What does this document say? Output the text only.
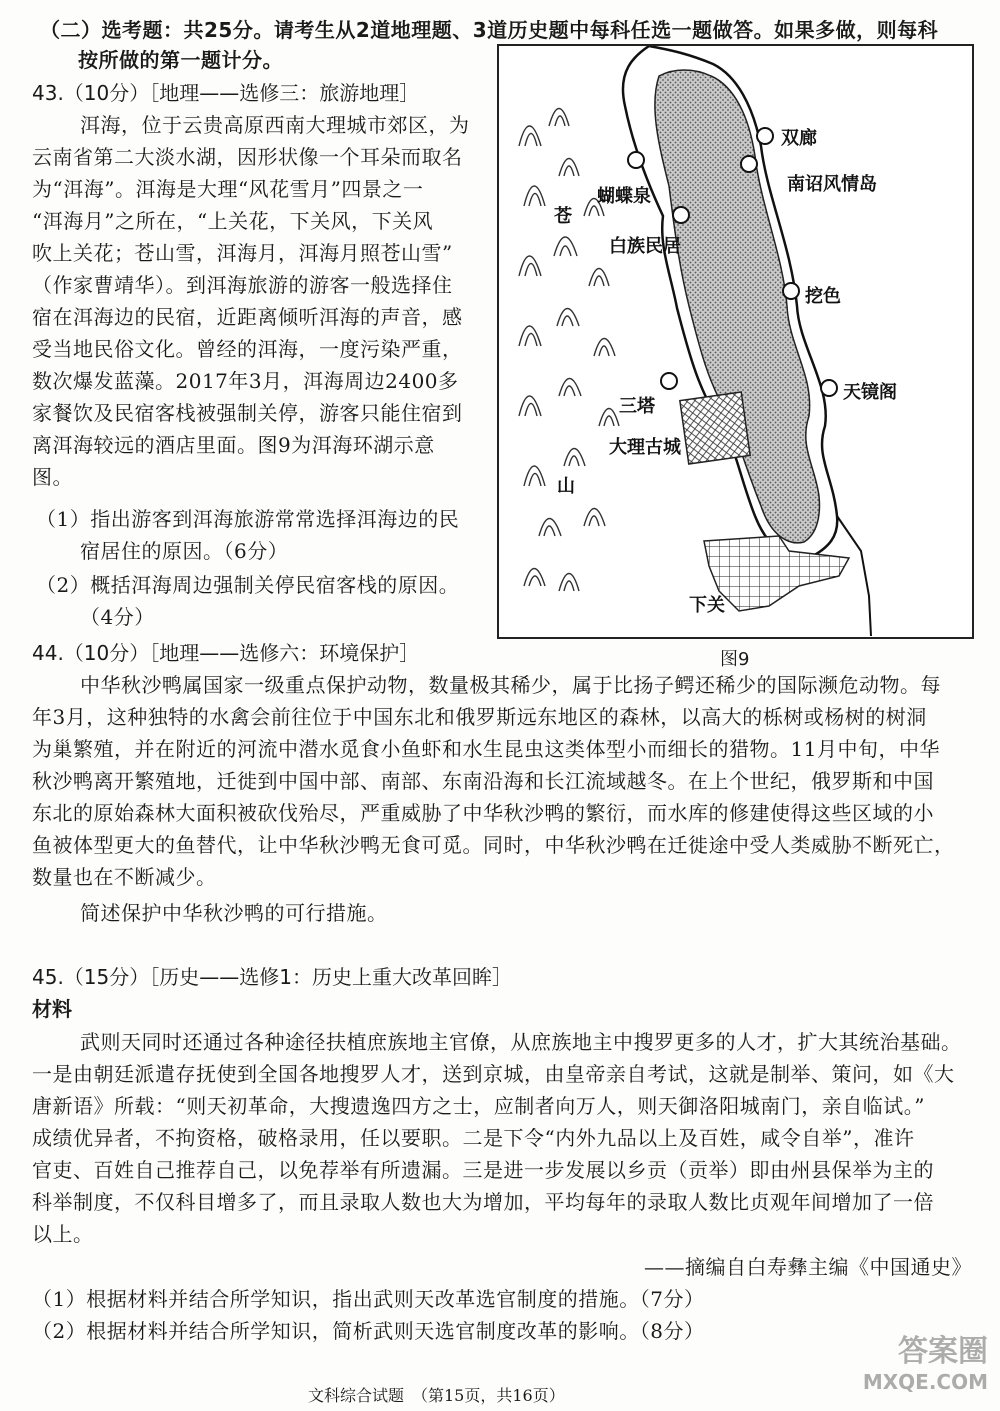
（二）选考题：共25分。请考生从2道地理题、3道历史题中每科任选一题做答。如果多做，则每科
按所做的第一题计分。
43.（10分）［地理——选修三：旅游地理］
洱海，位于云贵高原西南大理城市郊区，为
云南省第二大淡水湖，因形状像一个耳朵而取名
为“洱海”。洱海是大理“风花雪月”四景之一
“洱海月”之所在，“上关花，下关风，下关风
吹上关花；苍山雪，洱海月，洱海月照苍山雪”
（作家曹靖华）。到洱海旅游的游客一般选择住
宿在洱海边的民宿，近距离倾听洱海的声音，感
受当地民俗文化。曾经的洱海，一度污染严重，
数次爆发蓝藻。2017年3月，洱海周边2400多
家餐饮及民宿客栈被强制关停，游客只能住宿到
离洱海较远的酒店里面。图9为洱海环湖示意
图。
（1）指出游客到洱海旅游常常选择洱海边的民
宿居住的原因。（6分）
（2）概括洱海周边强制关停民宿客栈的原因。
（4分）
双廊
蝴蝶泉
南诏风情岛
苍
白族民居
挖色
天镜阁
三塔
大理古城
山
下关
图9
44.（10分）［地理——选修六：环境保护］
中华秋沙鸭属国家一级重点保护动物，数量极其稀少，属于比扬子鳄还稀少的国际濒危动物。每
年3月，这种独特的水禽会前往位于中国东北和俄罗斯远东地区的森林，以高大的栎树或杨树的树洞
为巢繁殖，并在附近的河流中潜水觅食小鱼虾和水生昆虫这类体型小而细长的猎物。11月中旬，中华
秋沙鸭离开繁殖地，迁徙到中国中部、南部、东南沿海和长江流域越冬。在上个世纪，俄罗斯和中国
东北的原始森林大面积被砍伐殆尽，严重威胁了中华秋沙鸭的繁衍，而水库的修建使得这些区域的小
鱼被体型更大的鱼替代，让中华秋沙鸭无食可觅。同时，中华秋沙鸭在迁徙途中受人类威胁不断死亡，
数量也在不断减少。
简述保护中华秋沙鸭的可行措施。
45.（15分）［历史——选修1：历史上重大改革回眸］
材料
武则天同时还通过各种途径扶植庶族地主官僚，从庶族地主中搜罗更多的人才，扩大其统治基础。
一是由朝廷派遣存抚使到全国各地搜罗人才，送到京城，由皇帝亲自考试，这就是制举、策问，如《大
唐新语》所载：“则天初革命，大搜遗逸四方之士，应制者向万人，则天御洛阳城南门，亲自临试。”
成绩优异者，不拘资格，破格录用，任以要职。二是下令“内外九品以上及百姓，咸令自举”，准许
官吏、百姓自己推荐自己，以免荐举有所遗漏。三是进一步发展以乡贡（贡举）即由州县保举为主的
科举制度，不仅科目增多了，而且录取人数也大为增加，平均每年的录取人数比贞观年间增加了一倍
以上。
——摘编自白寿彝主编《中国通史》
（1）根据材料并结合所学知识，指出武则天改革选官制度的措施。（7分）
（2）根据材料并结合所学知识，简析武则天选官制度改革的影响。（8分）
文科综合试题　（第15页，共16页）
答案圈
MXQE.COM
